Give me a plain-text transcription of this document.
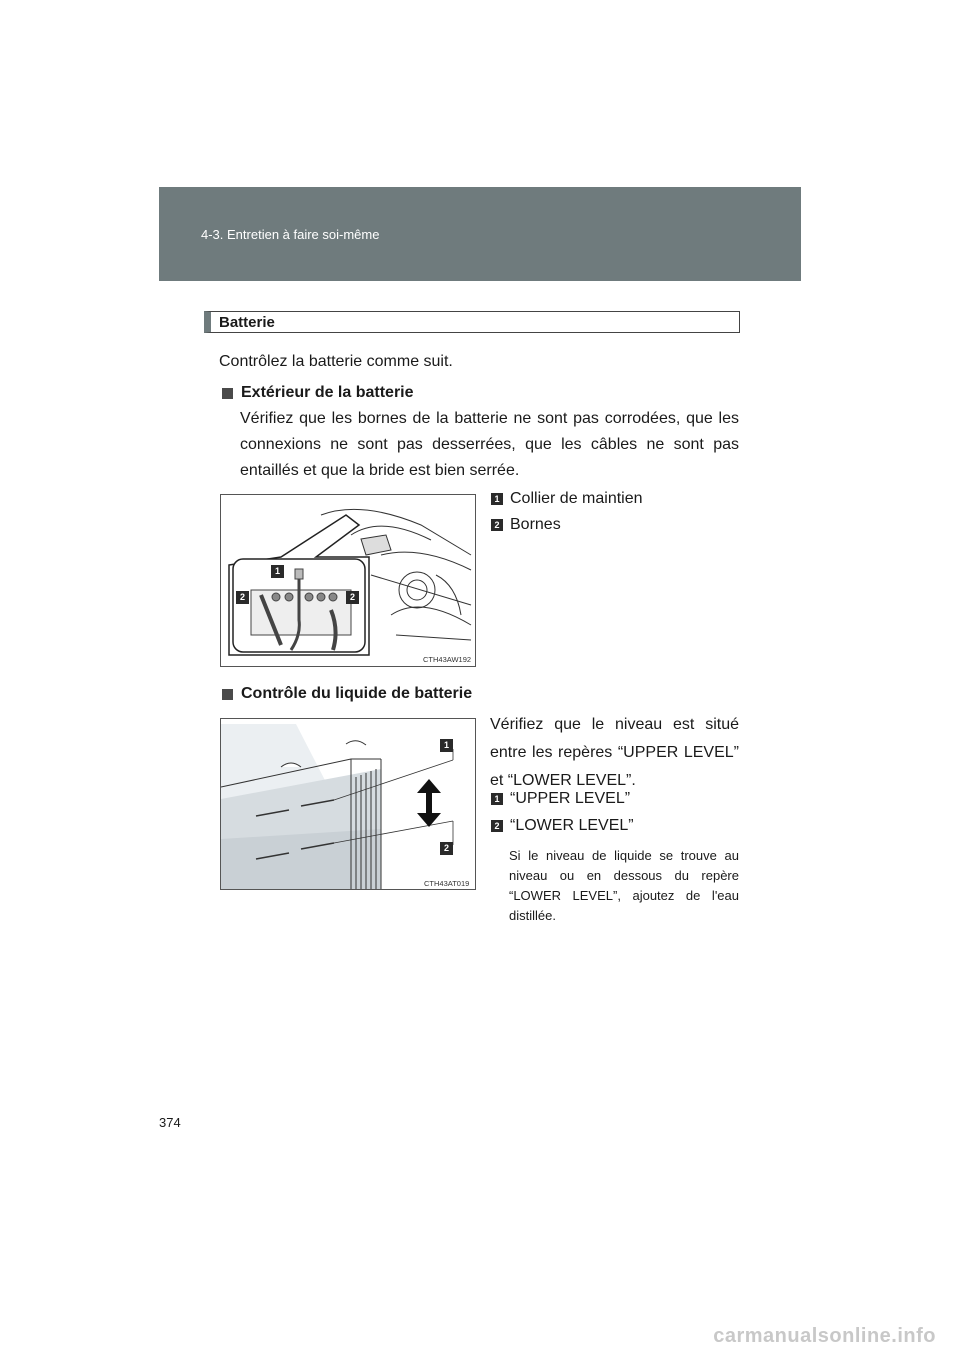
4-3. Entretien à faire soi-même
Batterie
Contrôlez la batterie comme suit.
Extérieur de la batterie
Vérifiez que les bornes de la batterie ne sont pas corrodées, que les connexions ne sont pas desserrées, que les câbles ne sont pas entaillés et que la bride est bien serrée.
1
2	2
CTH43AW192
1 Collier de maintien
2 Bornes
Contrôle du liquide de batterie
1
2
CTH43AT019
Vérifiez que le niveau est situé entre les repères “UPPER LEVEL” et “LOWER LEVEL”.
1 “UPPER LEVEL”
2 “LOWER LEVEL”
Si le niveau de liquide se trouve au niveau ou en dessous du repère “LOWER LEVEL”, ajoutez de l'eau distillée.
374
carmanualsonline.info
